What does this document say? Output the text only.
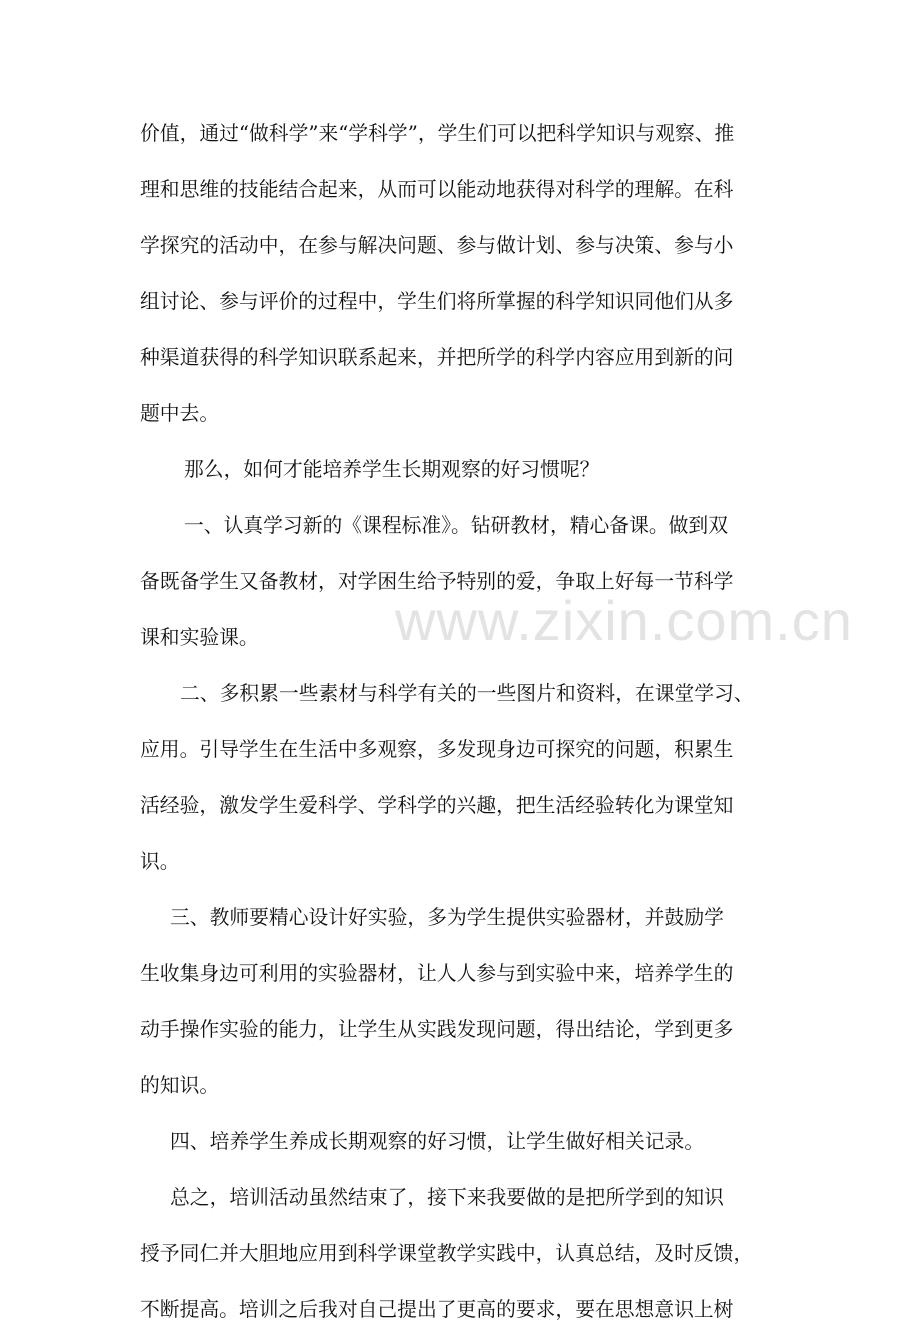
www.zixin.com.cn
价值，通过“做科学”来“学科学”，学生们可以把科学知识与观察、推
理和思维的技能结合起来，从而可以能动地获得对科学的理解。在科
学探究的活动中，在参与解决问题、参与做计划、参与决策、参与小
组讨论、参与评价的过程中，学生们将所掌握的科学知识同他们从多
种渠道获得的科学知识联系起来，并把所学的科学内容应用到新的问
题中去。
那么，如何才能培养学生长期观察的好习惯呢？
一、认真学习新的《课程标准》。钻研教材，精心备课。做到双
备既备学生又备教材，对学困生给予特别的爱，争取上好每一节科学
课和实验课。
二、多积累一些素材与科学有关的一些图片和资料，在课堂学习、
应用。引导学生在生活中多观察，多发现身边可探究的问题，积累生
活经验，激发学生爱科学、学科学的兴趣，把生活经验转化为课堂知
识。
三、教师要精心设计好实验，多为学生提供实验器材，并鼓励学
生收集身边可利用的实验器材，让人人参与到实验中来，培养学生的
动手操作实验的能力，让学生从实践发现问题，得出结论，学到更多
的知识。
四、培养学生养成长期观察的好习惯，让学生做好相关记录。
总之，培训活动虽然结束了，接下来我要做的是把所学到的知识
授予同仁并大胆地应用到科学课堂教学实践中，认真总结，及时反馈，
不断提高。培训之后我对自己提出了更高的要求，要在思想意识上树
